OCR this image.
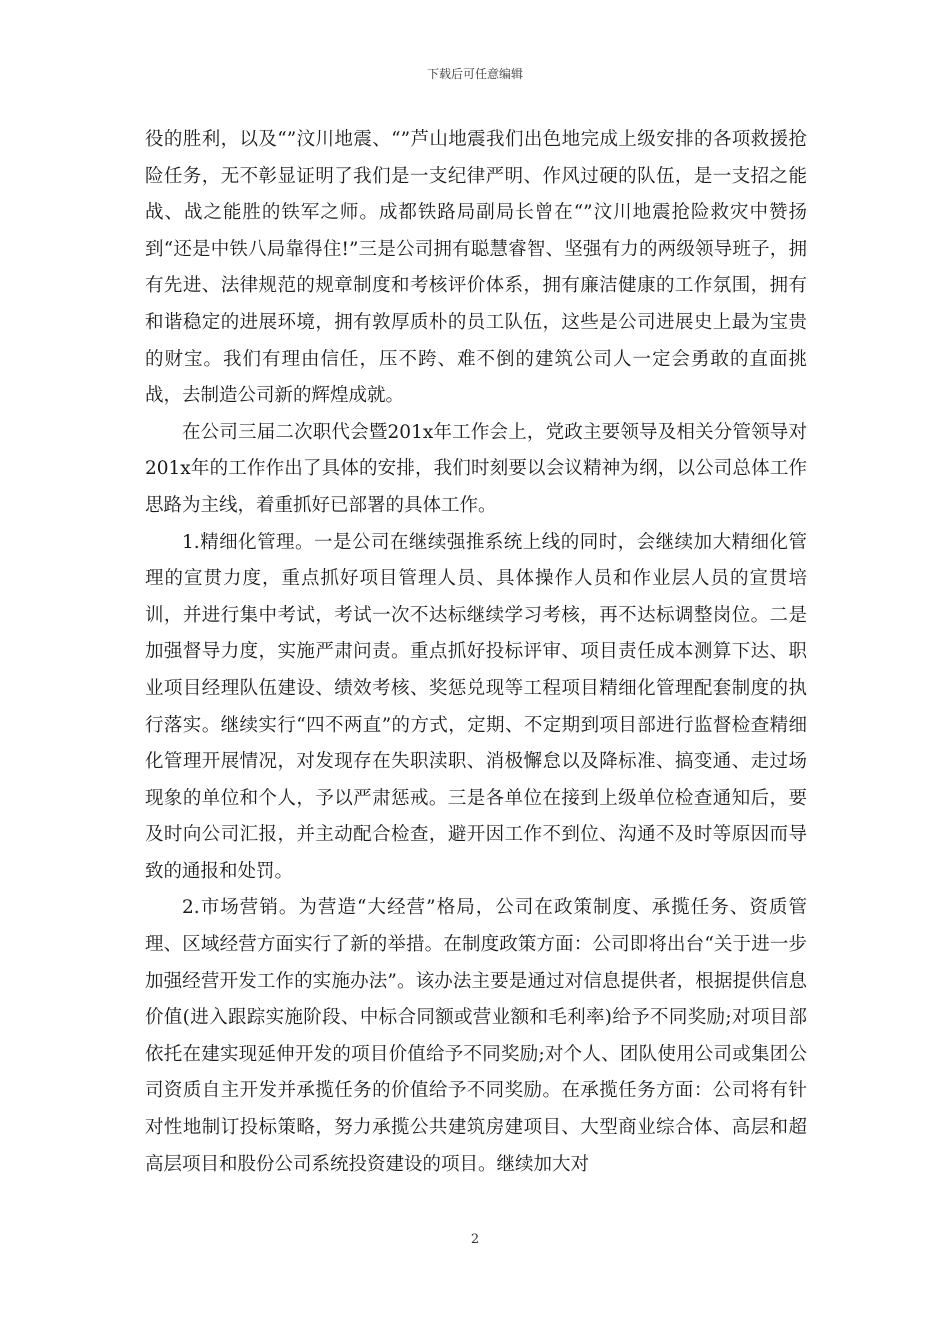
下载后可任意编辑

役的胜利，以及“”汶川地震、“”芦山地震我们出色地完成上级安排的各项救援抢险任务，无不彰显证明了我们是一支纪律严明、作风过硬的队伍，是一支招之能战、战之能胜的铁军之师。成都铁路局副局长曾在“”汶川地震抢险救灾中赞扬到“还是中铁八局靠得住!”三是公司拥有聪慧睿智、坚强有力的两级领导班子，拥有先进、法律规范的规章制度和考核评价体系，拥有廉洁健康的工作氛围，拥有和谐稳定的进展环境，拥有敦厚质朴的员工队伍，这些是公司进展史上最为宝贵的财宝。我们有理由信任，压不跨、难不倒的建筑公司人一定会勇敢的直面挑战，去制造公司新的辉煌成就。

在公司三届二次职代会暨201x年工作会上，党政主要领导及相关分管领导对201x年的工作作出了具体的安排，我们时刻要以会议精神为纲，以公司总体工作思路为主线，着重抓好已部署的具体工作。

1.精细化管理。一是公司在继续强推系统上线的同时，会继续加大精细化管理的宣贯力度，重点抓好项目管理人员、具体操作人员和作业层人员的宣贯培训，并进行集中考试，考试一次不达标继续学习考核，再不达标调整岗位。二是加强督导力度，实施严肃问责。重点抓好投标评审、项目责任成本测算下达、职业项目经理队伍建设、绩效考核、奖惩兑现等工程项目精细化管理配套制度的执行落实。继续实行“四不两直”的方式，定期、不定期到项目部进行监督检查精细化管理开展情况，对发现存在失职渎职、消极懈怠以及降标准、搞变通、走过场现象的单位和个人，予以严肃惩戒。三是各单位在接到上级单位检查通知后，要及时向公司汇报，并主动配合检查，避开因工作不到位、沟通不及时等原因而导致的通报和处罚。

2.市场营销。为营造“大经营”格局，公司在政策制度、承揽任务、资质管理、区域经营方面实行了新的举措。在制度政策方面：公司即将出台“关于进一步加强经营开发工作的实施办法”。该办法主要是通过对信息提供者，根据提供信息价值(进入跟踪实施阶段、中标合同额或营业额和毛利率)给予不同奖励;对项目部依托在建实现延伸开发的项目价值给予不同奖励;对个人、团队使用公司或集团公司资质自主开发并承揽任务的价值给予不同奖励。在承揽任务方面：公司将有针对性地制订投标策略，努力承揽公共建筑房建项目、大型商业综合体、高层和超高层项目和股份公司系统投资建设的项目。继续加大对

2
